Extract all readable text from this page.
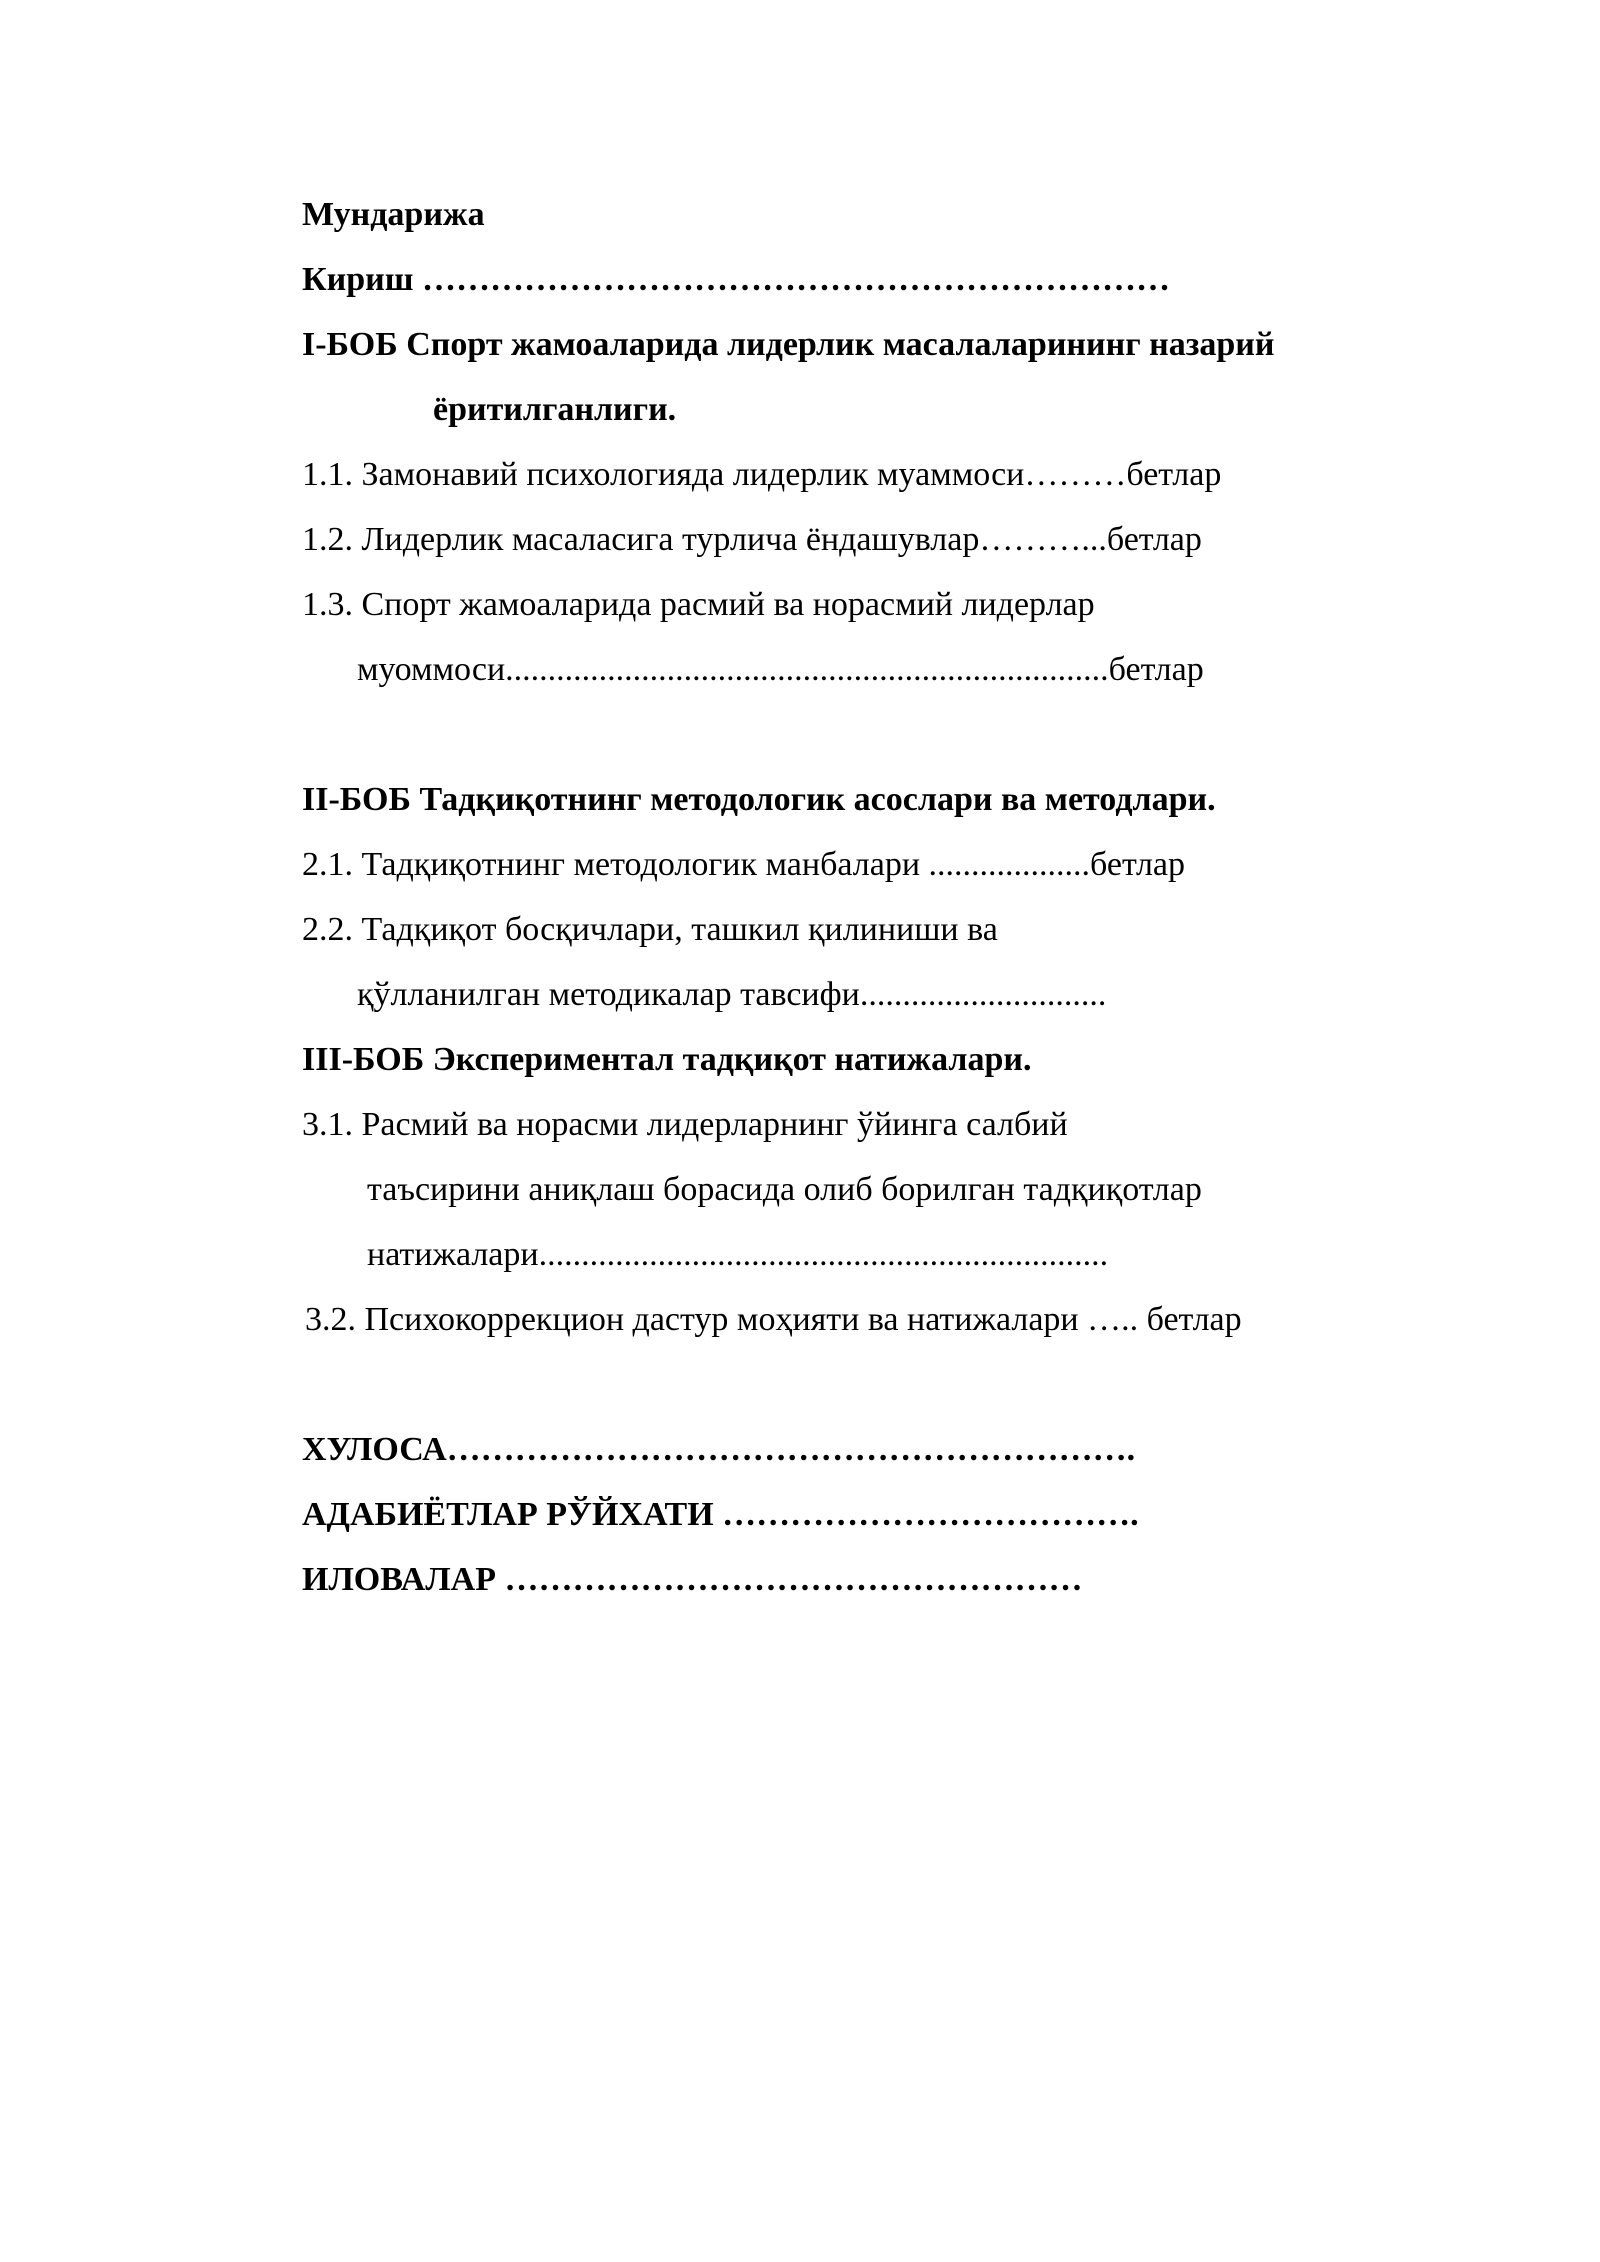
Мундарижа
Кириш …………………………………………………………
I-БОБ Спорт жамоаларида лидерлик масалаларининг назарий
ёритилганлиги.
1.1. Замонавий психологияда лидерлик муаммоси………бетлар
1.2. Лидерлик масаласига турлича ёндашувлар………...бетлар
1.3. Спорт жамоаларида расмий ва норасмий лидерлар
муоммоси.......................................................................бетлар
II-БОБ Тадқиқотнинг методологик асослари ва методлари.
2.1. Тадқиқотнинг методологик манбалари ...................бетлар
2.2. Тадқиқот босқичлари, ташкил қилиниши ва
қўлланилган методикалар тавсифи.............................
III-БОБ Экспериментал тадқиқот натижалари.
3.1. Расмий ва норасми лидерларнинг ўйинга салбий
таъсирини аниқлаш борасида олиб борилган тадқиқотлар
натижалари...................................................................
3.2. Психокоррекцион дастур моҳияти ва натижалари ….. бетлар
ХУЛОСА…………………………………………………….
АДАБИЁТЛАР РЎЙХАТИ ……………………………….
ИЛОВАЛАР ……………………………………………
